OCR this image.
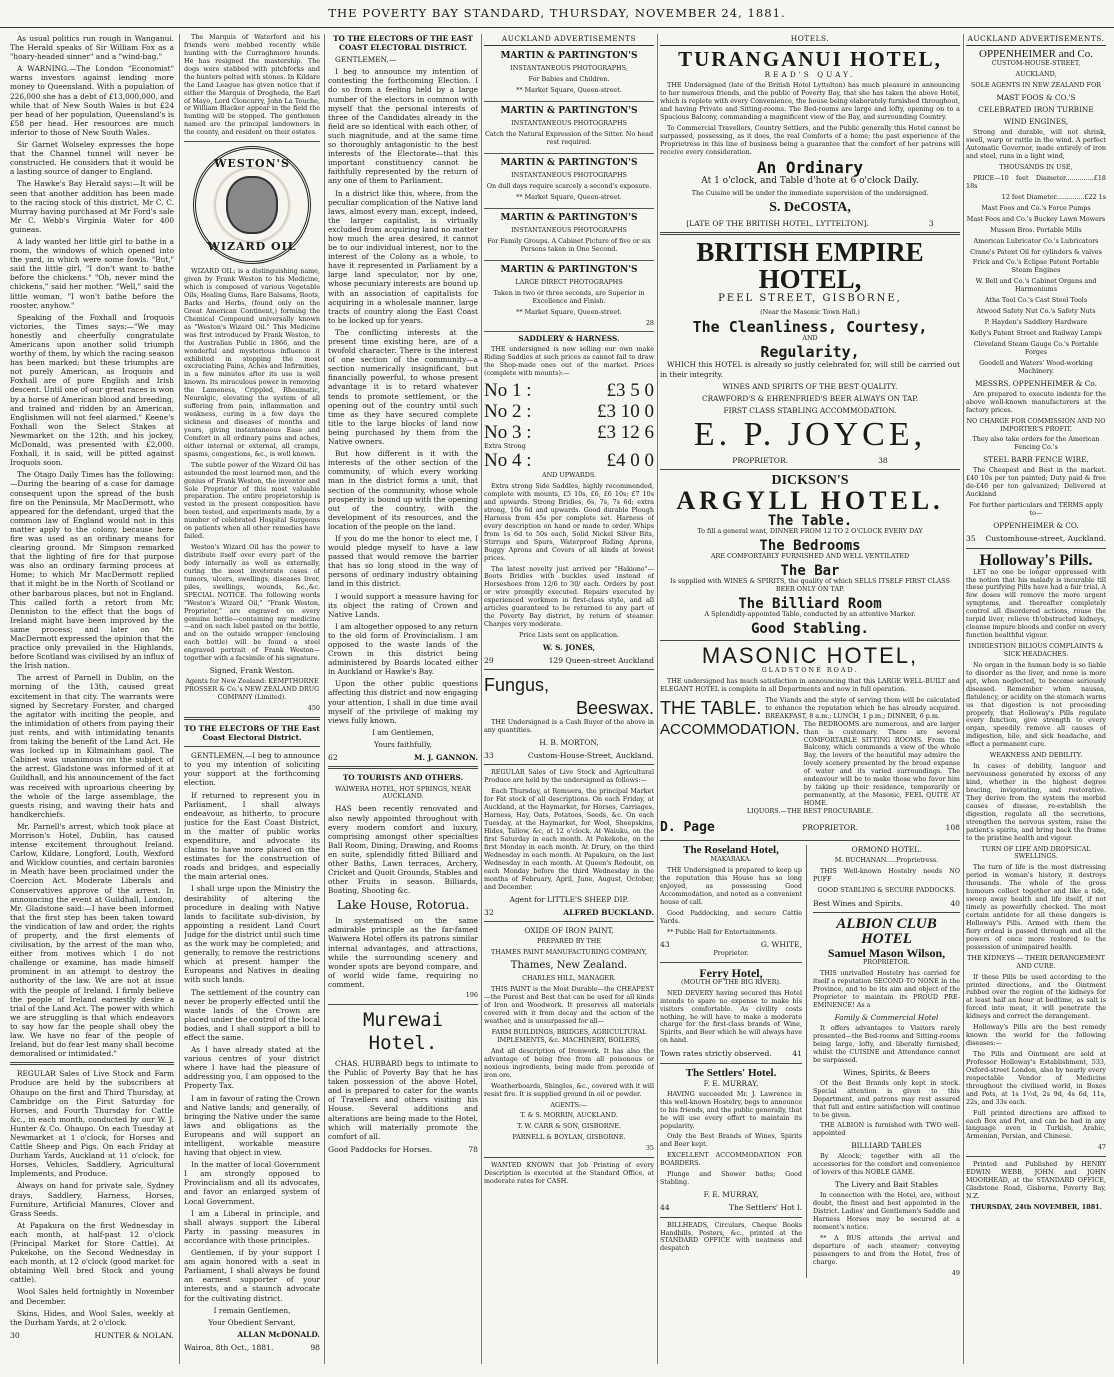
THE POVERTY BAY STANDARD, THURSDAY, NOVEMBER 24, 1881.

As usual politics run rough in Wanganui. The Herald speaks of Sir William Fox as a "hoary-headed sinner" and a "wind-bag."

A WARNING.—The London "Economist" warns investors against lending more money to Queensland. With a population of 226,000 she has a debt of £13,000,000, and while that of New South Wales is but £24 per head of her population, Queensland's is £58 per head. Her resources are much inferior to those of New South Wales.

Sir Garnet Wolseley expresses the hope that the Channel tunnel will never be constructed. He considers that it would be a lasting source of danger to England.

The Hawke's Bay Herald says:—It will be seen that another addition has been made to the racing stock of this district, Mr C. C. Murray having purchased at Mr Ford's sale Mr C. Webb's Virginia Water for 400 guineas.

A lady wanted her little girl to bathe in a room, the windows of which opened into the yard, in which were some fowls. "But," said the little girl, "I don't want to bathe before the chickens." "Oh, never mind the chickens," said her mother. "Well," said the little woman, "I won't bathe before the rooster, anyhow."

Speaking of the Foxhall and Iroquois victories, the Times says:—"We may honestly and cheerfully congratulate Americans upon another solid triumph worthy of them, by which the racing season has been marked; but these triumphs are not purely American, as Iroquois and Foxhall are of pure English and Irish descent. Until one of our great races is won by a horse of American blood and breeding, and trained and ridden by an American, Englishmen will not feel alarmed." Keene's Foxhall won the Select Stakes at Newmarket on the 12th, and his jockey, McDonald, was presented with £2,000. Foxhall, it is said, will be pitted against Iroquois soon.

The Otago Daily Times has the following:—During the hearing of a case for damage consequent upon the spread of the bush fire on the Peninsula, Mr MacDermott, who appeared for the defendant, urged that the common law of England would not in this matter apply to the colony, because here fire was used as an ordinary means for clearing ground. Mr Simpson remarked that the lighting of fire for that purpose was also an ordinary farming process at Home; to which Mr MacDermott replied that it might be in the North of Scotland or other barbarous places, but not in England. This called forth a retort from Mr. Denniston to the effect that the bogs of Ireland might have been improved by the same process; and later on Mr. MacDermott expressed the opinion that the practice only prevailed in the Highlands, before Scotland was civilised by an influx of the Irish nation.

The arrest of Parnell in Dublin, on the morning of the 13th, caused great excitement in that city. The warrants were signed by Secretary Forster, and charged the agitator with inciting the people, and the intimidation of others from paying their just rents, and with intimidating tenants from taking the benefit of the Land Act. He was locked up in Kilmainham gaol. The Cabinet was unanimous on the subject of the arrest. Gladstone was informed of it at Guildhall, and his announcement of the fact was received with uproarious cheering by the whole of the large assemblage, the guests rising, and waving their hats and handkerchiefs.

Mr. Parnell's arrest, which took place at Morrison's Hotel, Dublin, has caused intense excitement throughout Ireland. Carlow, Kildare, Longford, Louth, Wexford and Wicklow counties, and certain baronies in Meath have been proclaimed under the Coercion Act. Moderate Liberals and Conservatives approve of the arrest. In announcing the event at Guildhall, London, Mr. Gladstone said:—I have been informed that the first step has been taken toward the vindication of law and order, the rights of property, and the first elements of civilisation, by the arrest of the man who, either from motives which I do not challenge or examine, has made himself prominent in an attempt to destroy the authority of the law. We are not at issue with the people of Ireland. I firmly believe the people of Ireland earnestly desire a trial of the Land Act. The power with which we are struggling is that which endeavors to say how far the people shall obey the law. We have no fear of the people of Ireland, but do fear lest many shall become demoralised or intimidated."

REGULAR Sales of Live Stock and Farm Produce are held by the subscribers at Ohaupo on the first and Third Thursday, at Cambridge on the First Saturday for Horses, and Fourth Thursday for Cattle &c., in each month, conducted by our W. J. Hunter & Co. Ohaupo. On each Tuesday at Newmarket at 1 o'clock, for Horses and Cattle Sheep and Pigs. On each Friday at Durham Yards, Auckland at 11 o'clock, for Horses, Vehicles, Saddlery, Agricultural Implements, and Produce.

Always on hand for private sale, Sydney drays, Saddlery, Harness, Horses, Furniture, Artificial Manures, Clover and Grass Seeds.

At Papakura on the first Wednesday in each month, at half-past 12 o'clock (Principal Market for Store Cattle). At Pukekohe, on the Second Wednesday in each month, at 12 o'clock (good market for obtaining Well bred Stock and young cattle).

Wool Sales held fortnightly in November and December.

Skins, Hides, and Wool Sales, weekly at the Durham Yards, at 2 o'clock.

30	HUNTER & NOLAN.

The Marquis of Waterford and his friends were mobbed recently while hunting with the Curraghmore hounds. He has resigned the mastership. The dogs were stabbed with pitchforks and the hunters pelted with stones. In Kildare the Land League has given notice that if either the Marquis of Drogheda, the Earl of Mayo, Lord Cloncurry, John La Touche, or William Blacker appear in the field the hunting will be stopped. The gentlemen named are the principal landowners in the county, and resident on their estates.

WESTON'S
WIZARD OIL

WIZARD OIL; is a distinguishing name, given by Frank Weston to his Medicine, which is composed of various Vegetable Oils, Healing Gums, Rare Balsams, Roots, Barks and Herbs, (found only on the Great American Continent,) forming the Chemical Compound universally known as "Weston's Wizard Oil." This Medicine was first introduced by Frank Weston, to the Australian Public in 1866, and the wonderful and mysterious influence it exhibited in stopping the most excruciating Pains, Aches and Infirmities, in a few minutes after its use is well known. Its miraculous power in removing the Lameness, Crippled, Rheumatic, Neuralgic, elevating the system of all suffering from pain, inflammation and weakness, curing in a few days the sickness and diseases of months and years, giving instantaneous Ease and Comfort in all ordinary pains and aches, either internal or external, all cramps, spasms, congestions, &c., is well known.

The subtle power of the Wizard Oil has astounded the most learned men, and the genius of Frank Weston, the inventor and Sole Proprietor of this most valuable preparation. The entire proprietorship is vested in the present composition have been tested, and experiments made, by a number of celebrated Hospital Surgeons on patients when all other remedies have failed.

Weston's Wizard Oil has the power to distribute itself over every part of the body internally as well as externally, curing the most inveterate cases of tumors, ulcers, swellings, diseases liver, piles, swellings, wounds, &c.,&c. SPECIAL NOTICE. The following words "Weston's Wizard Oil," "Frank Weston, Proprietor," are engraved on every genuine bottle—containing my medicine—and on each label pasted on the bottle, and on the outside wrapper (enclosing each bottle) will be found a steel engraved portrait of Frank Weston—together with a facsimile of his signature.

Signed, Frank Weston.

Agents for New Zealand: KEMPTHORNE PROSSER & Co.'s NEW ZEALAND DRUG COMPANY (Limited).

450

TO THE ELECTORS OF THE East Coast Electoral District.

GENTLEMEN,—I beg to announce to you my intention of soliciting your support at the forthcoming election.

If returned to represent you in Parliament, I shall always endeavour, as hitherto, to procure justice for the East Coast District, in the matter of public works expenditure, and advocate its claims to have more placed on the estimates for the construction of roads and bridges, and especially the main arterial ones.

I shall urge upon the Ministry the desirability of altering the procedure in dealing with Native lands to facilitate sub-division, by appointing a resident Land Court Judge for the district until such time as the work may be completed; and generally, to remove the restrictions which at present hamper the Europeans and Natives in dealing with such lands.

The settlement of the country can never be properly effected until the waste lands of the Crown are placed under the control of the local bodies, and I shall support a bill to effect the same.

As I have already stated at the various centres of your district where I have had the pleasure of addressing you, I am opposed to the Property Tax.

I am in favour of rating the Crown and Native lands; and generally, of bringing the Native under the same laws and obligations as the Europeans and will support an intelligent, workable measure having that object in view.

In the matter of local Government I am strongly opposed to Provincialism and all its advocates, and favor an enlarged system of Local Government.

I am a Liberal in principle, and shall always support the Liberal Party in passing measures in accordance with those principles.

Gentlemen, if by your support I am again honored with a seat in Parliament, I shall always be found an earnest supporter of your interests, and a staunch advocate for the cultivating district.

I remain Gentlemen,

Your Obedient Servant,

ALLAN McDONALD.

Wairoa, 8th Oct., 1881.	98

TO THE ELECTORS OF THE EAST COAST ELECTORAL DISTRICT.

GENTLEMEN,—

I beg to announce my intention of contesting the forthcoming Election. I do so from a feeling held by a large number of the electors in common with myself that the personal interests of three of the Candidates already in the field are so identical with each other, of such magnitude, and at the same time so thoroughly antagonistic to the best interests of the Electorate—that this important constituency cannot be faithfully represented by the return of any one of them to Parliament.

In a district like this, where, from the peculiar complication of the Native land laws, almost every man, except, indeed, the larger capitalist, is virtually excluded from acquiring land no matter how much the area desired, it cannot be to our individual interest, nor to the interest of the Colony as a whole, to have it represented in Parliament by a large land speculator, nor by one, whose pecuniary interests are bound up with an association of capitalists for acquiring in a wholesale manner, large tracts of country along the East Coast to be locked up for years.

The conflicting interests at the present time existing here, are of a twofold character. There is the interest of one section of the community—a section numerically insignificant, but financially powerful, to whose present advantage it is to retard whatever tends to promote settlement, or the opening out of the country until such time as they have secured complete title to the large blocks of land now being purchased by them from the Native owners.

But how different is it with the interests of the other section of the community, of which every working man in the district forms a unit, that section of the community, whose whole prosperity is bound up with the opening out of the country, with the development of its resources, and the location of the people on the land.

If you do me the honor to elect me, I would pledge myself to have a law passed that would remove the barrier that has so long stood in the way of persons of ordinary industry obtaining land in this district.

I would support a measure having for its object the rating of Crown and Native Lands.

I am altogether opposed to any return to the old form of Provincialism. I am opposed to the waste lands of the Crown in this district being administered by Boards located either in Auckland or Hawke's Bay.

Upon the other public questions affecting this district and now engaging your attention, I shall in due time avail myself of the privilege of making my views fully known.

I am Gentlemen,

Yours faithfully,

62	M. J. GANNON.

TO TOURISTS AND OTHERS.

WAIWERA HOTEL, HOT SPRINGS, NEAR AUCKLAND.

HAS been recently renovated and also newly appointed throughout with every modern comfort and luxury, comprising amongst other specialties Ball Room, Dining, Drawing, and Rooms en suite, splendidly fitted Billiard and other Baths, Lawn terraces, Archery, Cricket and Quoit Grounds, Stables and other Fruits in season. Billiards, Boating, Shooting &c.

Lake House, Rotorua.

In systematised on the same admirable principle as the far-famed Waiwera Hotel offers its patrons similar internal advantages, and attractions, while the surrounding scenery and wonder spots are beyond compare, and of world wide fame, requiring no comment.

196

Murewai Hotel.

CHAS. HUBBARD begs to intimate to the Public of Poverty Bay that he has taken possession of the above Hotel, and is prepared to cater for the wants of Travellers and others visiting his House. Several additions and alterations are being made to the Hotel, which will materially promote the comfort of all.

Good Paddocks for Horses.	78
AUCKLAND ADVERTISEMENTS

MARTIN & PARTINGTON'S

INSTANTANEOUS PHOTOGRAPHS,

For Babies and Children.

** Market Square, Queen-street.

MARTIN & PARTINGTON'S

INSTANTANEOUS PHOTOGRAPHS

Catch the Natural Expression of the Sitter. No head rest required.

MARTIN & PARTINGTON'S

INSTANTANEOUS PHOTOGRAPHS

On dull days require scarcely a second's exposure.

** Market Square, Queen-street.

MARTIN & PARTINGTON'S

INSTANTANEOUS PHOTOGRAPHS

For Family Groups. A Cabinet Picture of five or six Persons taken in One Second.

MARTIN & PARTINGTON'S

LARGE DIRECT PHOTOGRAPHS

Taken in two or three seconds, are Superior in Excellence and Finish.

** Market Square, Queen-street.

28

SADDLERY & HARNESS.

THE undersigned is now selling our own make Riding Saddles at such prices as cannot fail to draw the Shop-made ones out of the market. Prices (complete with mounts):—

No 1 :	£3 5 0
No 2 :	£3 10 0
No 3 :	£3 12 6
Extra Strong
No 4 :	£4 0 0

AND UPWARDS.

Extra strong Side Saddles, highly recommended, complete with mounts, £5 10s, £6, £6 10s; £7 10s and upwards. Strong Bridles, 6s, 7s, 7s 6d; extra strong, 10s 6d and upwards. Good durable Plough Harness from 45s per complete set. Harness of every description on hand or made to order. Whips from 1s 6d to 50s each, Solid Nickel Silver Bits, Stirrups and Spurs, Waterproof Riding Aprons, Buggy Aprons and Covers of all kinds at lowest prices.

The latest novelty just arrived per "Hakione"—Boots Bridles with buckles used instead of Horseshoes from 12/6 to 30/ each. Orders by post or wire promptly executed. Repairs executed by experienced workmen in first-class style, and all articles guaranteed to be returned to any part of the Poverty Bay district, by return of steamer. Charges very moderate.

Price Lists sent on application.

W. S. JONES,

29	129 Queen-street Auckland
Fungus,
Beeswax.

THE Undersigned is a Cash Buyer of the above in any quantities.

H. B. MORTON,

33	Custom-House-Street, Auckland.

REGULAR Sales of Live Stock and Agricultural Produce are held by the undersigned as follows:—

Each Thursday, at Remuera, the principal Market for Fat stock of all descriptions. On each Friday, at Auckland, at the Haymarket, for Horses, Carriages, Harness, Hay, Oats, Potatoes, Seeds, &c. On each Tuesday, at the Haymarket, for Wool, Sheepskins, Hides, Tallow, &c, at 12 o'clock. At Waiuku, on the first Saturday in each month. At Pukekohe, on the first Monday in each month. At Drury, on the third Wednesday in each month. At Papakura, on the last Wednesday in each month. At Queen's Redoubt, on each Monday before the third Wednesday in the months of February, April, June, August, October, and December.

Agent for LITTLE'S SHEEP DIP.

32	ALFRED BUCKLAND.

OXIDE OF IRON PAINT,

PREPARED BY THE

THAMES PAINT MANUFACTURING COMPANY,

Thames, New Zealand.

CHARLES HILL, MANAGER.

THIS PAINT is the Most Durable—the CHEAPEST—the Purest and Best that can be used for all kinds of Iron and Woodwork. It preserves all materials covered with it from decay and the action of the weather, and is unsurpassed for all—

FARM BUILDINGS, BRIDGES, AGRICULTURAL IMPLEMENTS, &c. MACHINERY, BOILERS,

And all description of Ironwork. It has also the advantage of being free from all poisonous or noxious ingredients, being made from peroxide of iron ore.

Weatherboards, Shingles, &c., covered with it will resist fire. It is supplied ground in oil or powder.

AGENTS:—

T. & S. MORRIN, AUCKLAND.

T. W. CARR & SON, GISBORNE.

PARNELL & BOYLAN, GISBORNE.

35

WANTED KNOWN that Job Printing of every Description is executed at the Standard Office, at moderate rates for CASH.

HOTELS.
TURANGANUI HOTEL,

READ'S QUAY.

THE Undersigned (late of the British Hotel Lyttelton) has much pleasure in announcing to her numerous friends, and the public of Poverty Bay, that she has taken the above Hotel, which is replete with every Convenience, the house being elaborately furnished throughout, and having Private and Sitting-rooms. The Bed-rooms are large and lofty, opening on to a Spacious Balcony, commanding a magnificent view of the Bay, and surrounding Country.

To Commercial Travellers, Country Settlers, and the Public generally this Hotel cannot be surpassed, possessing, as it does, the real Comforts of a home; the past experience of the Proprietress in this line of business being a guarantee that the comfort of her patrons will receive every consideration.

An Ordinary

At 1 o'clock, and Table d'hote at 6 o'clock Daily.

The Cuisine will be under the immediate supervision of the undersigned.

S. DeCOSTA,
[LATE OF THE BRITISH HOTEL, LYTTELTON].	3
BRITISH EMPIRE HOTEL,

PEEL STREET, GISBORNE,

(Near the Masonic Town Hall.)

The Cleanliness, Courtesy,

AND

Regularity,

WHICH this HOTEL is already so justly celebrated for, will still be carried out in their integrity.

WINES AND SPIRITS OF THE BEST QUALITY.

CRAWFORD'S & EHRENFRIED'S BEER ALWAYS ON TAP.

FIRST CLASS STABLING ACCOMMODATION.

E. P. JOYCE,
PROPRIETOR.	38
DICKSON'S
ARGYLL HOTEL.
The Table.

To fill a general want, DINNER FROM 12 TO 2 O'CLOCK EVERY DAY

The Bedrooms

ARE COMFORTABLY FURNISHED AND WELL VENTILATED

The Bar

Is supplied with WINES & SPIRITS, the quality of which SELLS ITSELF FIRST CLASS BEER ONLY ON TAP.

The Billiard Room

A Splendidly-appointed Table, conducted by an attentive Marker.

Good Stabling.
MASONIC HOTEL,

GLADSTONE ROAD.

THE undersigned has much satisfaction in announcing that this LARGE WELL-BUILT and ELEGANT HOTEL is complete in all Departments and now in full operation.

THE TABLE. The Viands and the style of serving them will be calculated to enhance the reputation which he has already acquired. BREAKFAST, 8 a.m.; LUNCH, 1 p.m.; DINNER, 6 p.m.
ACCOMMODATION. The BEDROOMS are numerous, and are larger than is customary. There are several COMFORTABLE SITTING ROOMS. From the Balcony, which commands a view of the whole Bay, the lovers of the beautiful may admire the lovely scenery presented by the broad expanse of water and its varied surroundings. The endeavour will be to make those who favor him by taking up their residence, temporarily or permanently, at the Masonic, FEEL QUITE AT HOME.

LIQUORS.—THE BEST PROCURABLE.

D. Page	PROPRIETOR.	108
The Roseland Hotel,

MAKARAKA.

THE Undersigned is prepared to keep up the reputation this House has so long enjoyed, as possessing Good Accommodation, and noted as a convenient house of call.

Good Paddocking, and secure Cattle Yards.

** Public Hall for Entertainments.

43	G. WHITE,

Proprietor.

Ferry Hotel,

(MOUTH OF THE BIG RIVER).

NED DEVERY having secured this Hotel intends to spare no expense to make his visitors comfortable. As civility costs nothing, he will have to make a moderate charge for the first-class brands of Wine, Spirits, and Beer which he will always have on hand.

Town rates strictly observed.	41
The Settlers' Hotel.

F. E. MURRAY,

HAVING succeeded Mr. J. Lawrence in this well-known Hostelry, begs to announce to his friends, and the public generally, that he will use every effort to maintain its popularity.

Only the Best Brands of Wines, Spirits and Beer kept.

EXCELLENT ACCOMMODATION FOR BOARDERS.

Plunge and Shower baths; Good Stabling.

F. E. MURRAY,

44	The Settlers' Hot l.

BILLHEADS, Circulars, Cheque Books Handbills, Posters, &c., printed at the STANDARD OFFICE with neatness and despatch

ORMOND HOTEL.

M. BUCHANAN.....Proprietress.

THIS Well-known Hostelry needs NO PUFF

GOOD STABLING & SECURE PADDOCKS.

Best Wines and Spirits.	40
ALBION CLUB HOTEL
Samuel Mason Wilson,

PROPRIETOR.

THIS unrivalled Hostelry has carried for itself a reputation SECOND TO NONE in the Province, and to be its aim and object of the Proprietor to maintain its PROUD PRE-EMINENCE! As a

Family & Commercial Hotel

It offers advantages to Visitors rarely presented—the Bed-rooms and Sitting-rooms being large, lofty, and liberally furnished, whilst the CUISINE and Attendance cannot be surpassed.

Wines, Spirits, & Beers

Of the Best Brands only kept in stock. Special attention is given to this Department, and patrons may rest assured that full and entire satisfaction will continue to be given.

THE ALBION is furnished with TWO well-appointed

BILLIARD TABLES

By Alcock; together with all the accessories for the comfort and convenience of lovers of this NOBLE GAME.

The Livery and Bait Stables

In connection with the Hotel, are, without doubt, the finest and best appointed in the District. Ladies' and Gentlemen's Saddle and Harness Horses may be secured at a moment's notice.

** A BUS attends the arrival and departure of each steamer; conveying passengers to and from the Hotel, free of charge.

49
AUCKLAND ADVERTISEMENTS.
OPPENHEIMER and Co.

CUSTOM-HOUSE-STREET,

AUCKLAND,

SOLE AGENTS IN NEW ZEALAND FOR

MAST FOOS & CO.'S

CELEBRATED IRON TURBINE

WIND ENGINES,

Strong and durable, will not shrink, swell, warp or rattle in the wind. A perfect Automatic Governor, made entirely of iron and steel, runs in a light wind,

THOUSANDS IN USE,

PRICE—10 feet Diameter..............£18 18s

12 feet Diameter..............£22 1s

Mast Foos and Co.'s Force Pumps

Mast Foos and Co.'s Buckey Lawn Mowers

Musson Bros. Portable Mills

American Lubricator Co.'s Lubricators

Crane's Patent Oil for cylinders & valves

Frick and Co.'s Eclipse Patent Portable Steam Engines

W. Bell and Co.'s Cabinet Organs and Harmoniums

Atha Tool Co.'s Cast Steel Tools

Atwood Safety Nut Co.'s Safety Nuts

P. Hayden's Saddlery Hardware

Kelly's Patent Street and Railway Lamps

Cleveland Steam Gauge Co.'s Portable Forges

Goodell and Waters' Wood-working Machinery.

MESSRS. OPPENHEIMER & Co.

Are prepared to execute indents for the above well-known manufacturers at the factory prices.

NO CHARGE FOR COMMISSION AND NO IMPORTER'S PROFIT.

They also take orders for the American Fencing Co.'s

STEEL BARB FENCE WIRE,

The Cheapest and Best in the market. £40 10s per ton painted; Duty paid & free de-£46 per ton galvanized; Delivered at Auckland

For further particulars and TERMS apply to—

OPPENHEIMER & CO.

35 Customhouse-street, Auckland.
Holloway's Pills.

LET no one be longer oppressed with the notion that his malady is incurable till these purifying Pills have had a fair trial. A few doses will remove the more urgent symptoms, and thereafter completely control all disordered actions, rouse the torpid liver, relieve th'obstructed kidneys, cleanse impure bloods and confer on every function healthful vigour.

INDIGESTION BILIOUS COMPLAINTS & SICK HEADACHES.

No organ in the human body is so liable to disorder as the liver, and none is more apt, when neglected, to become seriously diseased. Remember when nausea, flatulency, or acidity on the stomach warns us that digestion is not proceeding properly, that Holloway's Pills regulate every function, give strength to every organ, speedily remove all causes of indigestion, bile, and sick headache, and effect a permanent cure.

WEAKNESS AND DEBILITY.

In cases of debility, languor and nervousness generated by excess of any kind, whether in the highest degree bracing, invigorating, and restorative. They derive from the system the morbid causes of disease, re-establish the digestion, regulate all the secretions, strengthen the nervous system, raise the patient's spirits, and bring back the frame to the pristine health and vigour.

TURN OF LIFE AND DROPSICAL SWELLINGS.

The turn of life is the most distressing period in woman's history, it destroys thousands. The whole of the gross humours collect together and like a tide, sweep away health and life itself, if not timely as powerfully checked. The most certain antidote for all these dangers is Holloway's Pills. Armed with them the fiery ordeal is passed through and all the powers of once more restored to the possession of unimpaired health.

THE KIDNEYS — THEIR DERANGEMENT AND CURE.

If these Pills be used according to the printed directions, and the Ointment rubbed over the region of the kidneys for at least half an hour at bedtime, as salt is forced into meat, it will penetrate the kidneys and correct the derangement.

Holloway's Pills are the best remedy known the world for the following diseases:—

The Pills and Ointment are sold at Professor Holloway's Establishment, 533, Oxford-street London, also by nearly every respectable Vendor of Medicine throughout the civilised world, in Boxes and Pots, at 1s 1½d, 2s 9d, 4s 6d, 11s, 22s, and 33s each.

Full printed directions are affixed to each Box and Pot, and can be had in any language even in Turkish, Arabic, Armenian, Persian, and Chinese.

47

Printed and Published by HENRY EDWIN WEBB, JOHN and JOHN MOORHEAD, at the STANDARD OFFICE, Gladstone Road, Gisborne, Poverty Bay, N.Z.

THURSDAY, 24th NOVEMBER, 1881.
